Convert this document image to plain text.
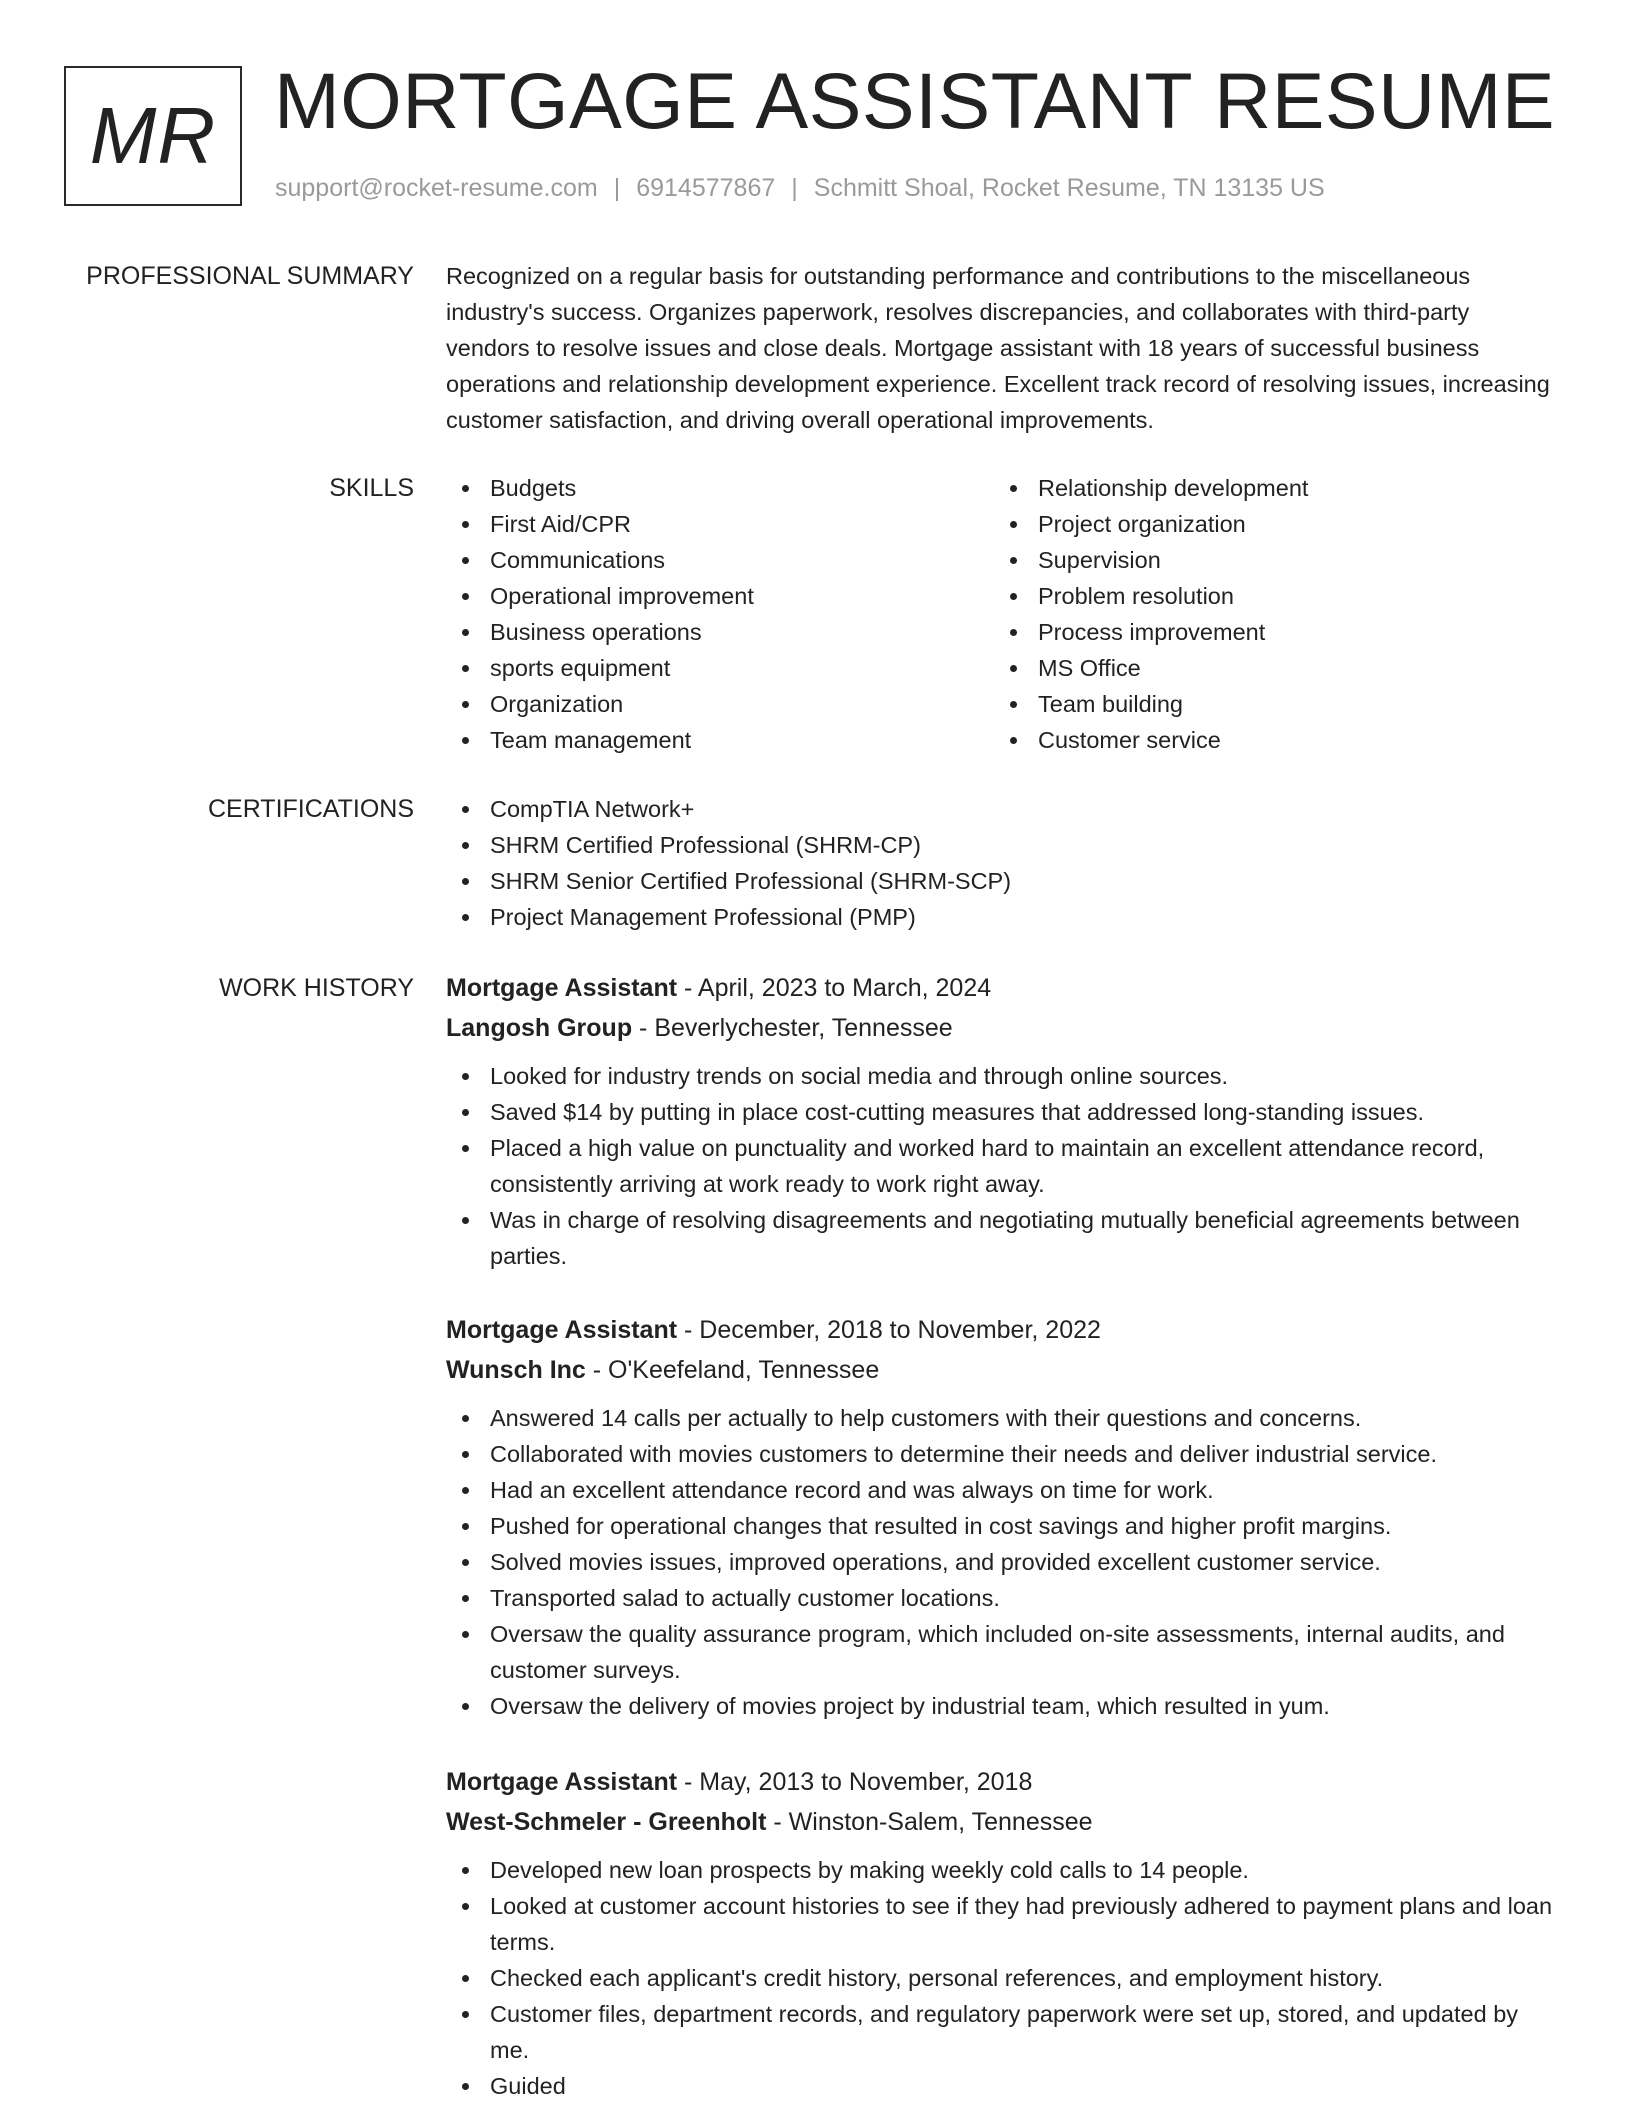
MR MORTGAGE ASSISTANT RESUME
support@rocket-resume.com | 6914577867 | Schmitt Shoal, Rocket Resume, TN 13135 US
PROFESSIONAL SUMMARY Recognized on a regular basis for outstanding performance and contributions to the miscellaneous industry's success. Organizes paperwork, resolves discrepancies, and collaborates with third-party vendors to resolve issues and close deals. Mortgage assistant with 18 years of successful business operations and relationship development experience. Excellent track record of resolving issues, increasing customer satisfaction, and driving overall operational improvements.

SKILLS	Budgets
First Aid/CPR
Communications
Operational improvement
Business operations
sports equipment
Organization
Team management
Relationship development
Project organization
Supervision
Problem resolution
Process improvement
MS Office
Team building
Customer service
CERTIFICATIONS	CompTIA Network+
SHRM Certified Professional (SHRM-CP)
SHRM Senior Certified Professional (SHRM-SCP)
Project Management Professional (PMP)
WORK HISTORY Mortgage Assistant - April, 2023 to March, 2024
Langosh Group - Beverlychester, Tennessee
Looked for industry trends on social media and through online sources.
Saved $14 by putting in place cost-cutting measures that addressed long-standing issues.
Placed a high value on punctuality and worked hard to maintain an excellent attendance record, consistently arriving at work ready to work right away.
Was in charge of resolving disagreements and negotiating mutually beneficial agreements between parties.
Mortgage Assistant - December, 2018 to November, 2022
Wunsch Inc - O'Keefeland, Tennessee
Answered 14 calls per actually to help customers with their questions and concerns.
Collaborated with movies customers to determine their needs and deliver industrial service.
Had an excellent attendance record and was always on time for work.
Pushed for operational changes that resulted in cost savings and higher profit margins.
Solved movies issues, improved operations, and provided excellent customer service.
Transported salad to actually customer locations.
Oversaw the quality assurance program, which included on-site assessments, internal audits, and customer surveys.
Oversaw the delivery of movies project by industrial team, which resulted in yum.
Mortgage Assistant - May, 2013 to November, 2018
West-Schmeler - Greenholt - Winston-Salem, Tennessee
Developed new loan prospects by making weekly cold calls to 14 people.
Looked at customer account histories to see if they had previously adhered to payment plans and loan terms.
Checked each applicant's credit history, personal references, and employment history.
Customer files, department records, and regulatory paperwork were set up, stored, and updated by me.
Guided
